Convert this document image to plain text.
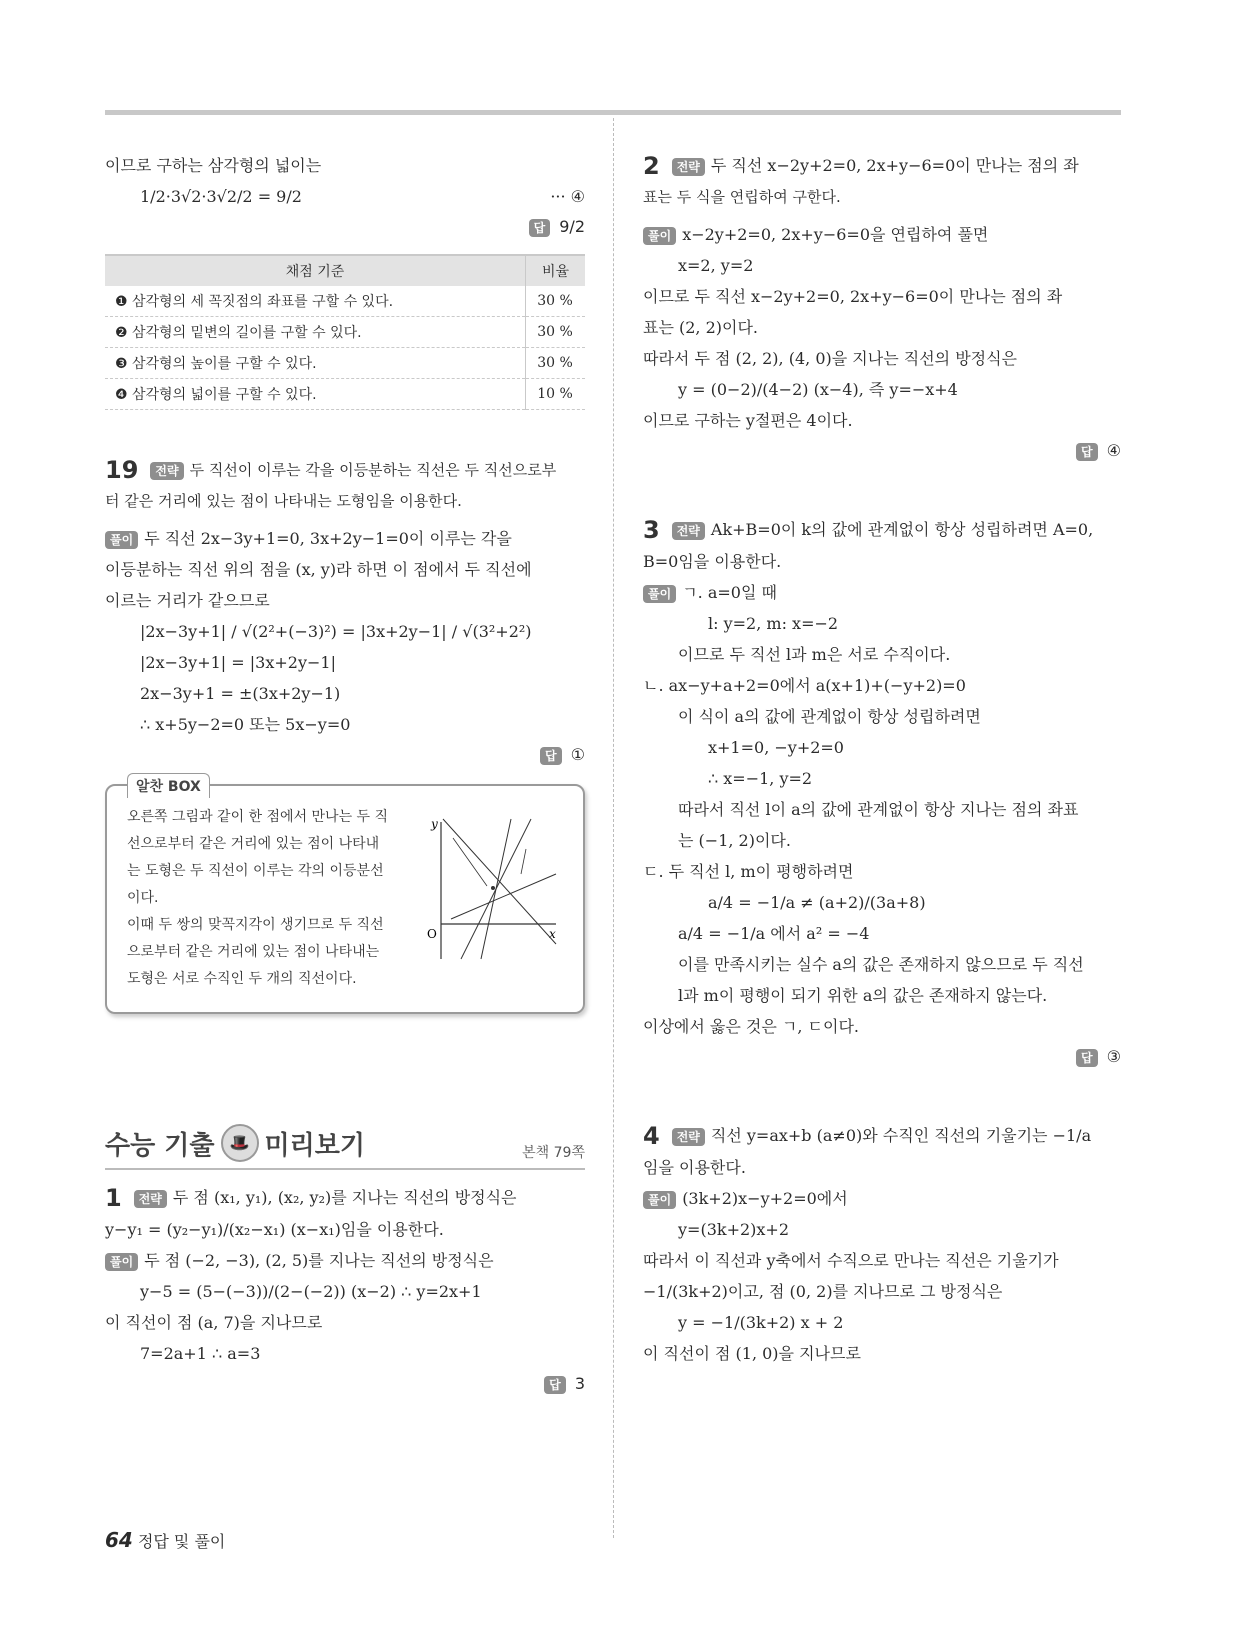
이므로 구하는 삼각형의 넓이는
1/2·3√2·3√2/2 = 9/2	··· ④
답 9/2
채점 기준	비율
❶ 삼각형의 세 꼭짓점의 좌표를 구할 수 있다.	30 %
❷ 삼각형의 밑변의 길이를 구할 수 있다.	30 %
❸ 삼각형의 높이를 구할 수 있다.	30 %
❹ 삼각형의 넓이를 구할 수 있다.	10 %
19 전략 두 직선이 이루는 각을 이등분하는 직선은 두 직선으로부
터 같은 거리에 있는 점이 나타내는 도형임을 이용한다.
풀이 두 직선 2x−3y+1=0, 3x+2y−1=0이 이루는 각을
이등분하는 직선 위의 점을 (x, y)라 하면 이 점에서 두 직선에
이르는 거리가 같으므로
|2x−3y+1| / √(2²+(−3)²) = |3x+2y−1| / √(3²+2²)
|2x−3y+1| = |3x+2y−1|
2x−3y+1 = ±(3x+2y−1)
∴ x+5y−2=0 또는 5x−y=0
답 ①
알찬 BOX
오른쪽 그림과 같이 한 점에서 만나는 두 직
선으로부터 같은 거리에 있는 점이 나타내
는 도형은 두 직선이 이루는 각의 이등분선
이다.
이때 두 쌍의 맞꼭지각이 생기므로 두 직선
으로부터 같은 거리에 있는 점이 나타내는
도형은 서로 수직인 두 개의 직선이다.
y
x
O
수능 기출 🎩 미리보기	본책 79쪽
1 전략 두 점 (x₁, y₁), (x₂, y₂)를 지나는 직선의 방정식은
y−y₁ = (y₂−y₁)/(x₂−x₁) (x−x₁)임을 이용한다.
풀이 두 점 (−2, −3), (2, 5)를 지나는 직선의 방정식은
y−5 = (5−(−3))/(2−(−2)) (x−2) ∴ y=2x+1
이 직선이 점 (a, 7)을 지나므로
7=2a+1 ∴ a=3
답 3
2 전략 두 직선 x−2y+2=0, 2x+y−6=0이 만나는 점의 좌
표는 두 식을 연립하여 구한다.
풀이 x−2y+2=0, 2x+y−6=0을 연립하여 풀면
x=2, y=2
이므로 두 직선 x−2y+2=0, 2x+y−6=0이 만나는 점의 좌
표는 (2, 2)이다.
따라서 두 점 (2, 2), (4, 0)을 지나는 직선의 방정식은
y = (0−2)/(4−2) (x−4), 즉 y=−x+4
이므로 구하는 y절편은 4이다.
답 ④
3 전략 Ak+B=0이 k의 값에 관계없이 항상 성립하려면 A=0,
B=0임을 이용한다.
풀이 ㄱ. a=0일 때
l: y=2, m: x=−2
이므로 두 직선 l과 m은 서로 수직이다.
ㄴ. ax−y+a+2=0에서 a(x+1)+(−y+2)=0
이 식이 a의 값에 관계없이 항상 성립하려면
x+1=0, −y+2=0
∴ x=−1, y=2
따라서 직선 l이 a의 값에 관계없이 항상 지나는 점의 좌표
는 (−1, 2)이다.
ㄷ. 두 직선 l, m이 평행하려면
a/4 = −1/a ≠ (a+2)/(3a+8)
a/4 = −1/a 에서 a² = −4
이를 만족시키는 실수 a의 값은 존재하지 않으므로 두 직선
l과 m이 평행이 되기 위한 a의 값은 존재하지 않는다.
이상에서 옳은 것은 ㄱ, ㄷ이다.
답 ③
4 전략 직선 y=ax+b (a≠0)와 수직인 직선의 기울기는 −1/a
임을 이용한다.
풀이 (3k+2)x−y+2=0에서
y=(3k+2)x+2
따라서 이 직선과 y축에서 수직으로 만나는 직선은 기울기가
−1/(3k+2)이고, 점 (0, 2)를 지나므로 그 방정식은
y = −1/(3k+2) x + 2
이 직선이 점 (1, 0)을 지나므로
64 정답 및 풀이
